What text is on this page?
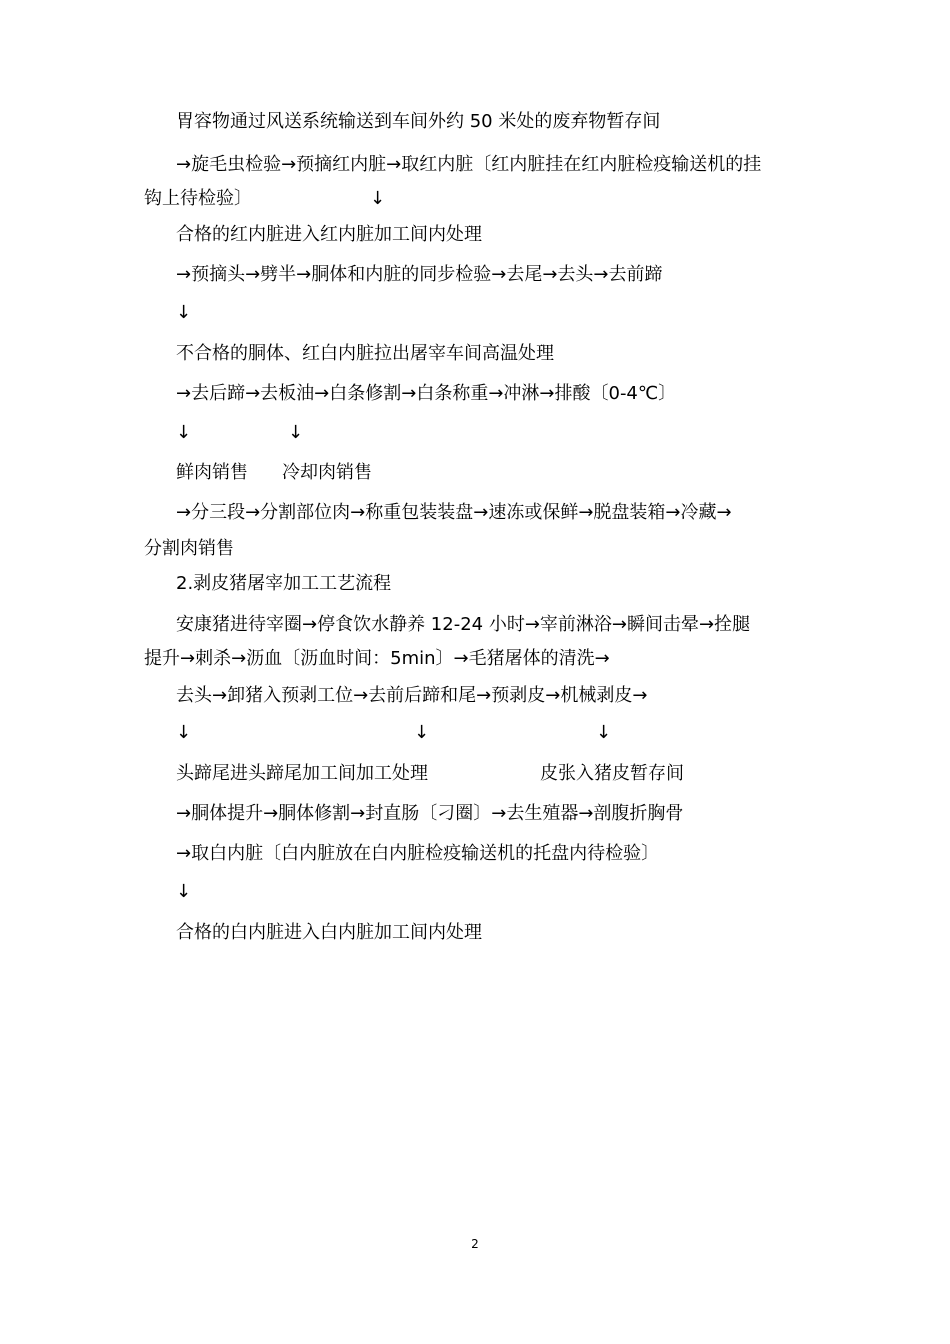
胃容物通过风送系统输送到车间外约 50 米处的废弃物暂存间
→旋毛虫检验→预摘红内脏→取红内脏〔红内脏挂在红内脏检疫输送机的挂
钩上待检验〕	↓
合格的红内脏进入红内脏加工间内处理
→预摘头→劈半→胴体和内脏的同步检验→去尾→去头→去前蹄
↓
不合格的胴体、红白内脏拉出屠宰车间高温处理
→去后蹄→去板油→白条修割→白条称重→冲淋→排酸〔0-4℃〕
↓	↓
鲜肉销售 冷却肉销售
→分三段→分割部位肉→称重包装装盘→速冻或保鲜→脱盘装箱→冷藏→
分割肉销售
2.剥皮猪屠宰加工工艺流程
安康猪进待宰圈→停食饮水静养 12-24 小时→宰前淋浴→瞬间击晕→拴腿
提升→刺杀→沥血〔沥血时间：5min〕→毛猪屠体的清洗→
去头→卸猪入预剥工位→去前后蹄和尾→预剥皮→机械剥皮→
↓	↓	↓
头蹄尾进头蹄尾加工间加工处理	皮张入猪皮暂存间
→胴体提升→胴体修割→封直肠〔刁圈〕→去生殖器→剖腹折胸骨
→取白内脏〔白内脏放在白内脏检疫输送机的托盘内待检验〕
↓
合格的白内脏进入白内脏加工间内处理
2
